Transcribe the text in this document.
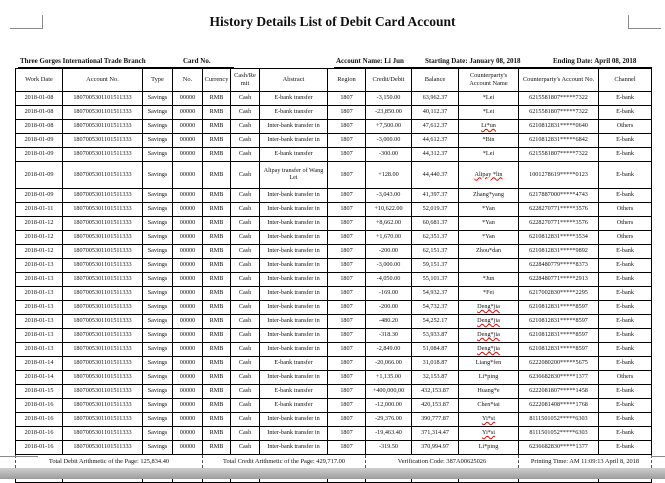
History Details List of Debit Card Account
Three Gorges International Trade Branch	Card No.	Account Name: Li Jun	Starting Date: January 08, 2018	Ending Date: April 08, 2018
Work Date	Account No.	Type	No.	Currency	Cash/Remit	Abstract	Region	Credit/Debit	Balance	Counterparty's Account Name	Counterparty's Account No.	Channel
2018-01-08	1807005301101511333	Savings	00000	RMB	Cash	E-bank transfer	1807	-3,150.00	63,962.37	*Lei	6215581807*****7322	E-bank
2018-01-08	1807005301101511333	Savings	00000	RMB	Cash	E-bank transfer	1807	-23,850.00	40,112.37	*Lei	6215581807*****7322	E-bank
2018-01-08	1807005301101511333	Savings	00000	RMB	Cash	Inter-bank transfer in	1807	+7,500.00	47,612.37	Li*un	6210812831*****0640	Others
2018-01-09	1807005301101511333	Savings	00000	RMB	Cash	Inter-bank transfer in	1807	-3,000.00	44,612.37	*Bin	6210812831*****6842	E-bank
2018-01-09	1807005301101511333	Savings	00000	RMB	Cash	E-bank transfer	1807	-300.00	44,312.37	*Lei	6215581807*****7322	E-bank
2018-01-09	1807005301101511333	Savings	00000	RMB	Cash	Alipay transfer of Wang Lei	1807	+128.00	44,440.37	Alipay *lin	1001278619*****0123	E-bank
2018-01-09	1807005301101511333	Savings	00000	RMB	Cash	Inter-bank transfer in	1807	-3,043.00	41,397.37	Zhang*yang	6217887000*****4743	E-bank
2018-01-11	1807005301101511333	Savings	00000	RMB	Cash	Inter-bank transfer in	1807	+10,622.00	52,019.37	*Yan	6228270771*****3576	Others
2018-01-12	1807005301101511333	Savings	00000	RMB	Cash	Inter-bank transfer in	1807	+8,662.00	60,681.37	*Yan	6228270771*****3576	Others
2018-01-12	1807005301101511333	Savings	00000	RMB	Cash	Inter-bank transfer in	1807	+1,670.00	62,351.37	*Yan	6210812831*****3534	Others
2018-01-12	1807005301101511333	Savings	00000	RMB	Cash	Inter-bank transfer in	1807	-200.00	62,151.37	Zhou*dan	6210812831*****9892	E-bank
2018-01-13	1807005301101511333	Savings	00000	RMB	Cash	Inter-bank transfer in	1807	-3,000.00	59,151.37		6228480779*****8373	E-bank
2018-01-13	1807005301101511333	Savings	00000	RMB	Cash	Inter-bank transfer in	1807	-4,050.00	55,101.37	*Jun	6228480771*****2913	E-bank
2018-01-13	1807005301101511333	Savings	00000	RMB	Cash	Inter-bank transfer in	1807	-169.00	54,932.37	*Fei	6217002830*****2295	E-bank
2018-01-13	1807005301101511333	Savings	00000	RMB	Cash	Inter-bank transfer in	1807	-200.00	54,732.37	Deng*jia	6210812831*****8597	E-bank
2018-01-13	1807005301101511333	Savings	00000	RMB	Cash	Inter-bank transfer in	1807	-480.20	54,252.17	Deng*jia	6210812831*****8597	E-bank
2018-01-13	1807005301101511333	Savings	00000	RMB	Cash	Inter-bank transfer in	1807	-318.30	53,933.87	Deng*jia	6210812831*****8597	E-bank
2018-01-13	1807005301101511333	Savings	00000	RMB	Cash	Inter-bank transfer in	1807	-2,849.00	51,084.87	Deng*jia	6210812831*****8597	E-bank
2018-01-14	1807005301101511333	Savings	00000	RMB	Cash	E-bank transfer	1807	-20,066.00	31,018.87	Liang*fen	6222080200*****5675	E-bank
2018-01-14	1807005301101511333	Savings	00000	RMB	Cash	Inter-bank transfer in	1807	+1,135.00	32,153.87	Li*ping	6236682830*****1377	Others
2018-01-15	1807005301101511333	Savings	00000	RMB	Cash	E-bank transfer	1807	+400,000,00	432,153.87	Huang*e	6222081807*****1458	E-bank
2018-01-16	1807005301101511333	Savings	00000	RMB	Cash	E-bank transfer	1807	-12,000.00	420,153.87	Chen*tai	6222081408*****1768	E-bank
2018-01-16	1807005301101511333	Savings	00000	RMB	Cash	Inter-bank transfer in	1807	-29,376.00	390,777.87	Yi*si	8111501052*****6303	E-bank
2018-01-16	1807005301101511333	Savings	00000	RMB	Cash	Inter-bank transfer in	1807	-19,463.40	371,314.47	Yi*si	8111501052*****6303	E-bank
2018-01-16	1807005301101511333	Savings	00000	RMB	Cash	Inter-bank transfer in	1807	-319.50	370,994.97	Li*ping	6236682830*****1377	E-bank
Total Debit Arithmetic of the Page: 125,834.40				Total Credit Arithmetic of the Page: 429,717.00				Verification Code: 387A00625026			Printing Time: AM 11:09:13 April 8, 2018	
